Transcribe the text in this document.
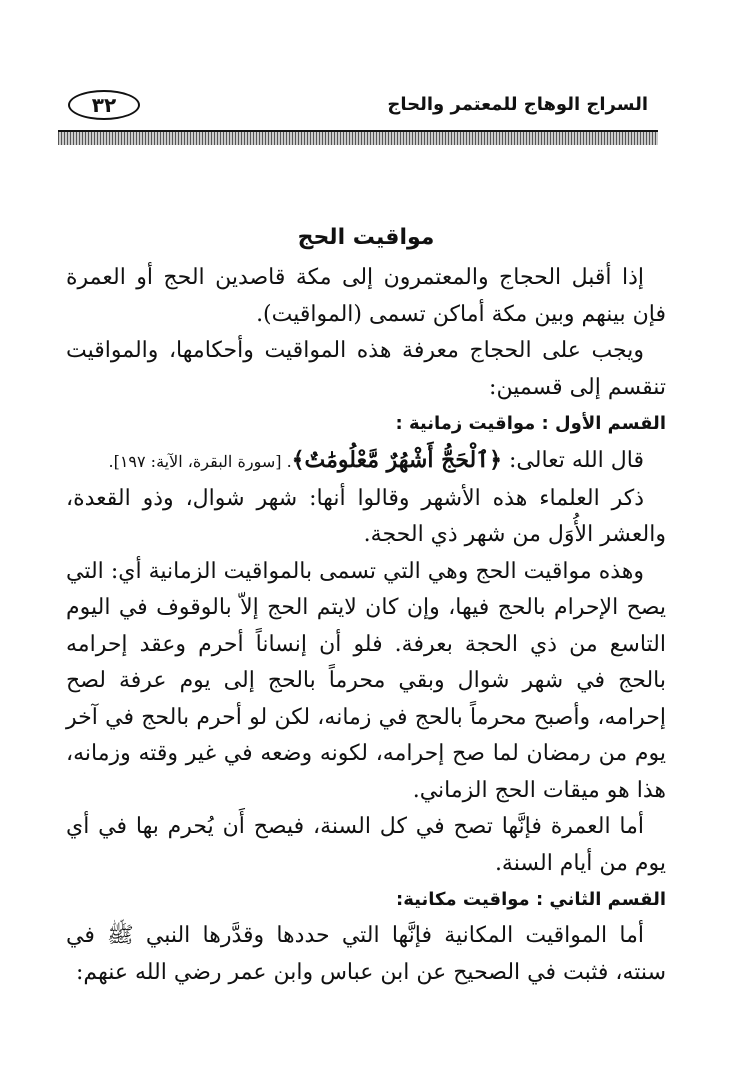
٣٢	السراج الوهاج للمعتمر والحاج
مواقيت الحج

إذا أقبل الحجاج والمعتمرون إلى مكة قاصدين الحج أو العمرة فإن بينهم وبين مكة أماكن تسمى (المواقيت).

ويجب على الحجاج معرفة هذه المواقيت وأحكامها، والمواقيت تنقسم إلى قسمين:

القسم الأول : مواقيت زمانية :

قال الله تعالى: ﴿ٱلْحَجُّ أَشْهُرٌ مَّعْلُومَٰتٌ﴾. [سورة البقرة، الآية: ١٩٧].

ذكر العلماء هذه الأشهر وقالوا أنها: شهر شوال، وذو القعدة، والعشر الأُوَل من شهر ذي الحجة.

وهذه مواقيت الحج وهي التي تسمى بالمواقيت الزمانية أي: التي يصح الإحرام بالحج فيها، وإن كان لايتم الحج إلاّ بالوقوف في اليوم التاسع من ذي الحجة بعرفة. فلو أن إنساناً أحرم وعقد إحرامه بالحج في شهر شوال وبقي محرماً بالحج إلى يوم عرفة لصح إحرامه، وأصبح محرماً بالحج في زمانه، لكن لو أحرم بالحج في آخر يوم من رمضان لما صح إحرامه، لكونه وضعه في غير وقته وزمانه، هذا هو ميقات الحج الزماني.

أما العمرة فإنَّها تصح في كل السنة، فيصح أَن يُحرم بها في أي يوم من أيام السنة.

القسم الثاني : مواقيت مكانية:

أما المواقيت المكانية فإنَّها التي حددها وقدَّرها النبي ﷺ في سنته، فثبت في الصحيح عن ابن عباس وابن عمر رضي الله عنهم:
